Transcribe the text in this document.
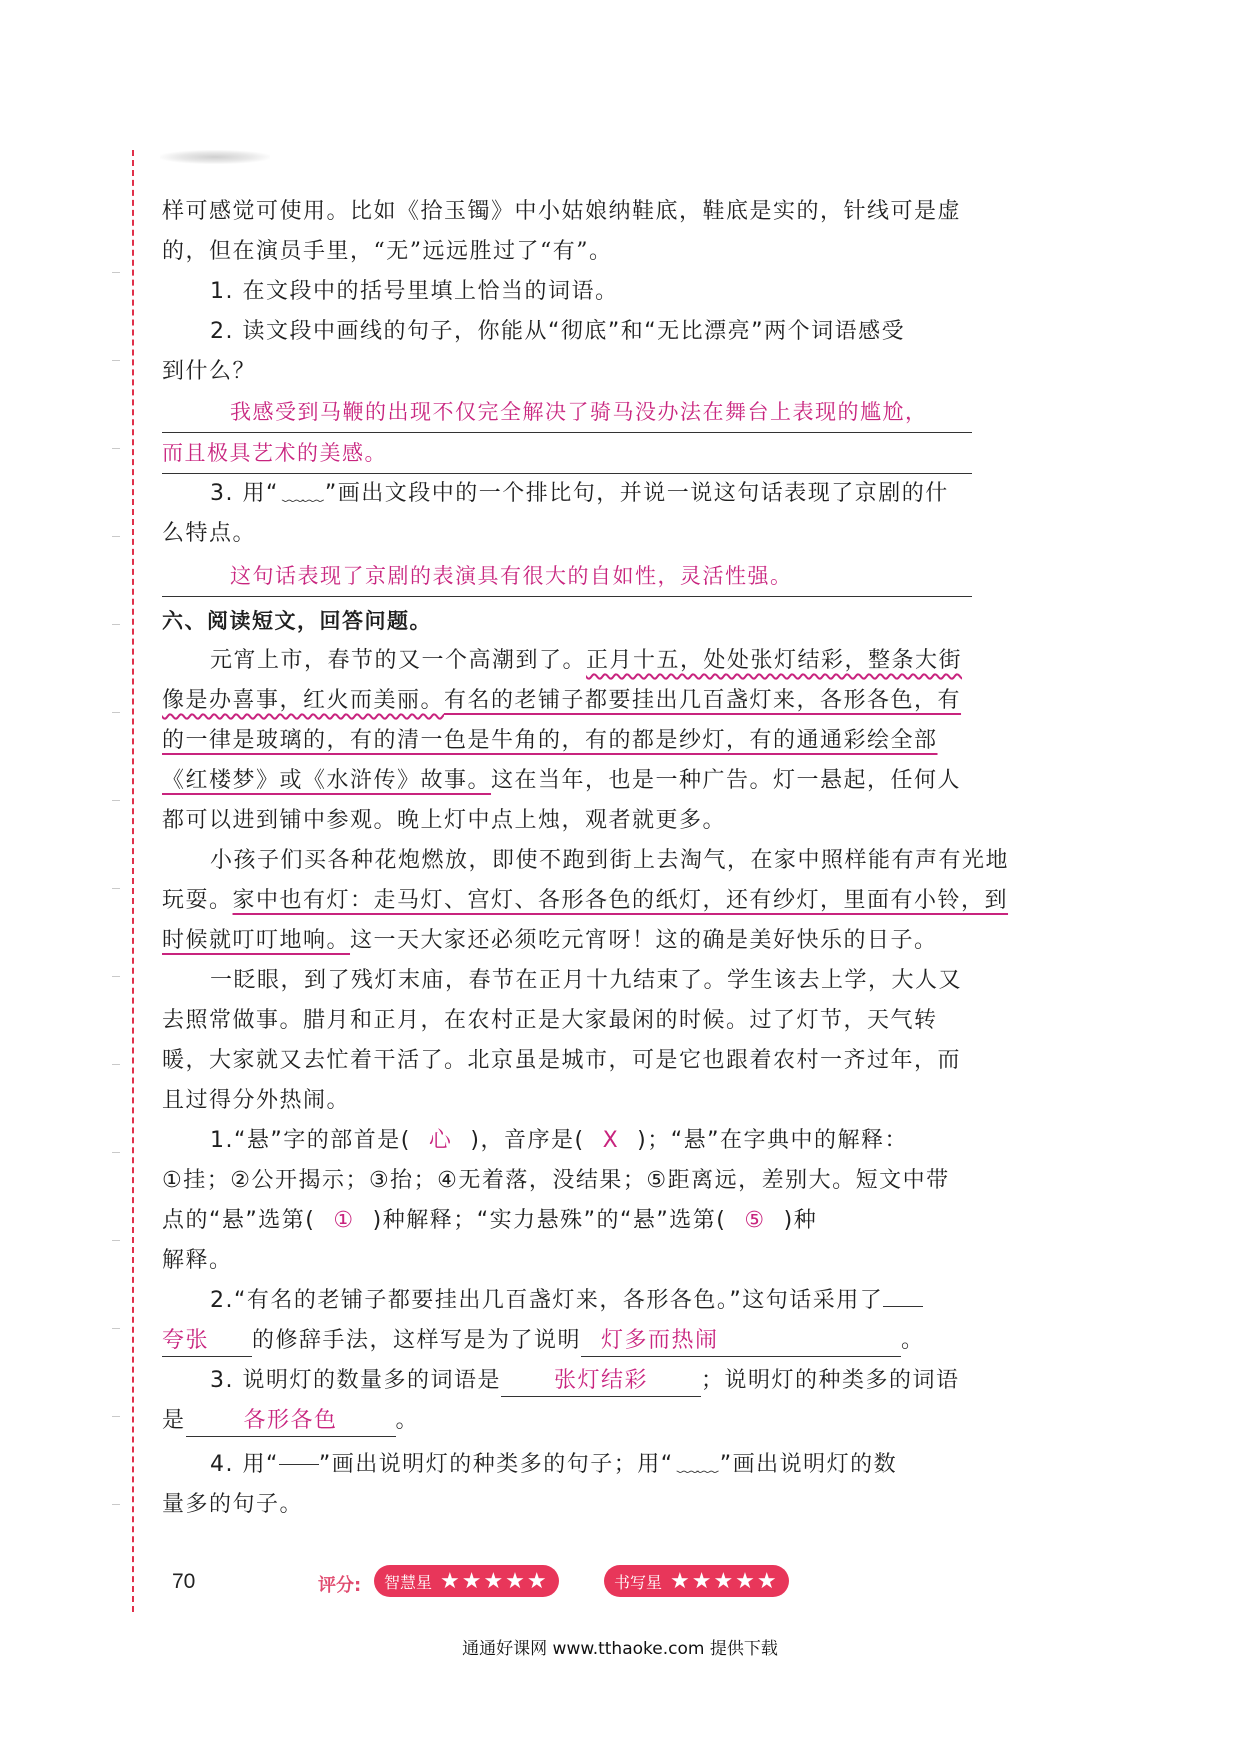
样可感觉可使用。比如《拾玉镯》中小姑娘纳鞋底，鞋底是实的，针线可是虚
的，但在演员手里，“无”远远胜过了“有”。
1. 在文段中的括号里填上恰当的词语。
2. 读文段中画线的句子，你能从“彻底”和“无比漂亮”两个词语感受
到什么？
我感受到马鞭的出现不仅完全解决了骑马没办法在舞台上表现的尴尬，
而且极具艺术的美感。
3. 用“ ﹏﹏ ”画出文段中的一个排比句，并说一说这句话表现了京剧的什
么特点。
这句话表现了京剧的表演具有很大的自如性，灵活性强。
六、阅读短文，回答问题。
元宵上市，春节的又一个高潮到了。正月十五，处处张灯结彩，整条大街
像是办喜事，红火而美丽。有名的老铺子都要挂出几百盏灯来，各形各色，有
的一律是玻璃的，有的清一色是牛角的，有的都是纱灯，有的通通彩绘全部
《红楼梦》或《水浒传》故事。这在当年，也是一种广告。灯一悬起，任何人
都可以进到铺中参观。晚上灯中点上烛，观者就更多。
小孩子们买各种花炮燃放，即使不跑到街上去淘气，在家中照样能有声有光地
玩耍。家中也有灯：走马灯、宫灯、各形各色的纸灯，还有纱灯，里面有小铃，到
时候就叮叮地响。这一天大家还必须吃元宵呀！这的确是美好快乐的日子。
一眨眼，到了残灯末庙，春节在正月十九结束了。学生该去上学，大人又
去照常做事。腊月和正月，在农村正是大家最闲的时候。过了灯节，天气转
暖，大家就又去忙着干活了。北京虽是城市，可是它也跟着农村一齐过年，而
且过得分外热闹。
1.“悬”字的部首是( 心 )，音序是( X )；“悬”在字典中的解释：
①挂；②公开揭示；③抬；④无着落，没结果；⑤距离远，差别大。短文中带
点的“悬”选第( ① )种解释；“实力悬殊”的“悬”选第( ⑤ )种
解释。
2.“有名的老铺子都要挂出几百盏灯来，各形各色。”这句话采用了
夸张 的修辞手法，这样写是为了说明 灯多而热闹	。
3. 说明灯的数量多的词语是 张灯结彩 ；说明灯的种类多的词语
是	各形各色	。
4. 用“ ”画出说明灯的种类多的句子；用“ ﹏﹏ ”画出说明灯的数
量多的句子。
70	评分: 智慧星 ★★★★★	书写星 ★★★★★
通通好课网 www.tthaoke.com 提供下载
